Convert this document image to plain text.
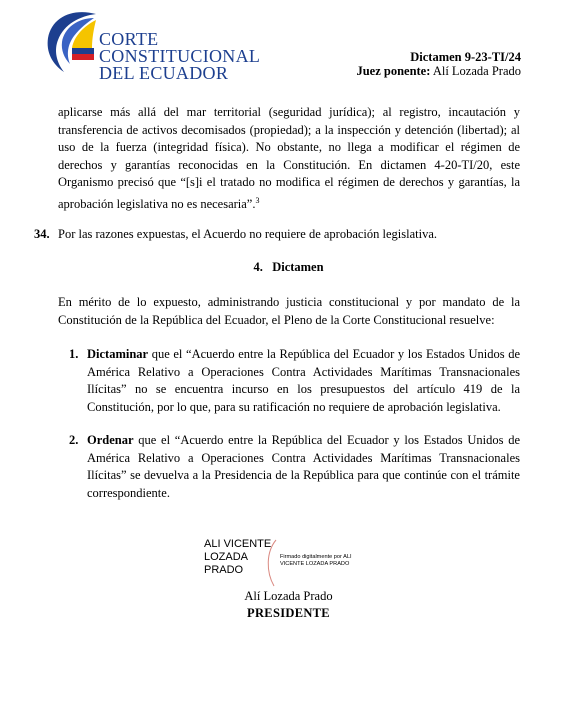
CORTE
CONSTITUCIONAL
DEL ECUADOR
Dictamen 9-23-TI/24
Juez ponente: Alí Lozada Prado
aplicarse más allá del mar territorial (seguridad jurídica); al registro, incautación y transferencia de activos decomisados (propiedad); a la inspección y detención (libertad); al uso de la fuerza (integridad física). No obstante, no llega a modificar el régimen de derechos y garantías reconocidas en la Constitución. En dictamen 4-20-TI/20, este Organismo precisó que “[s]i el tratado no modifica el régimen de derechos y garantías, la aprobación legislativa no es necesaria”.$^3$
34. Por las razones expuestas, el Acuerdo no requiere de aprobación legislativa.
4.   Dictamen
En mérito de lo expuesto, administrando justicia constitucional y por mandato de la Constitución de la República del Ecuador, el Pleno de la Corte Constitucional resuelve:
1. Dictaminar que el “Acuerdo entre la República del Ecuador y los Estados Unidos de América Relativo a Operaciones Contra Actividades Marítimas Transnacionales Ilícitas” no se encuentra incurso en los presupuestos del artículo 419 de la Constitución, por lo que, para su ratificación no requiere de aprobación legislativa.
2. Ordenar que el “Acuerdo entre la República del Ecuador y los Estados Unidos de América Relativo a Operaciones Contra Actividades Marítimas Transnacionales Ilícitas” se devuelva a la Presidencia de la República para que continúe con el trámite correspondiente.
ALI VICENTE
LOZADA
PRADO
Firmado digitalmente por ALI
VICENTE LOZADA PRADO
Alí Lozada Prado
PRESIDENTE
